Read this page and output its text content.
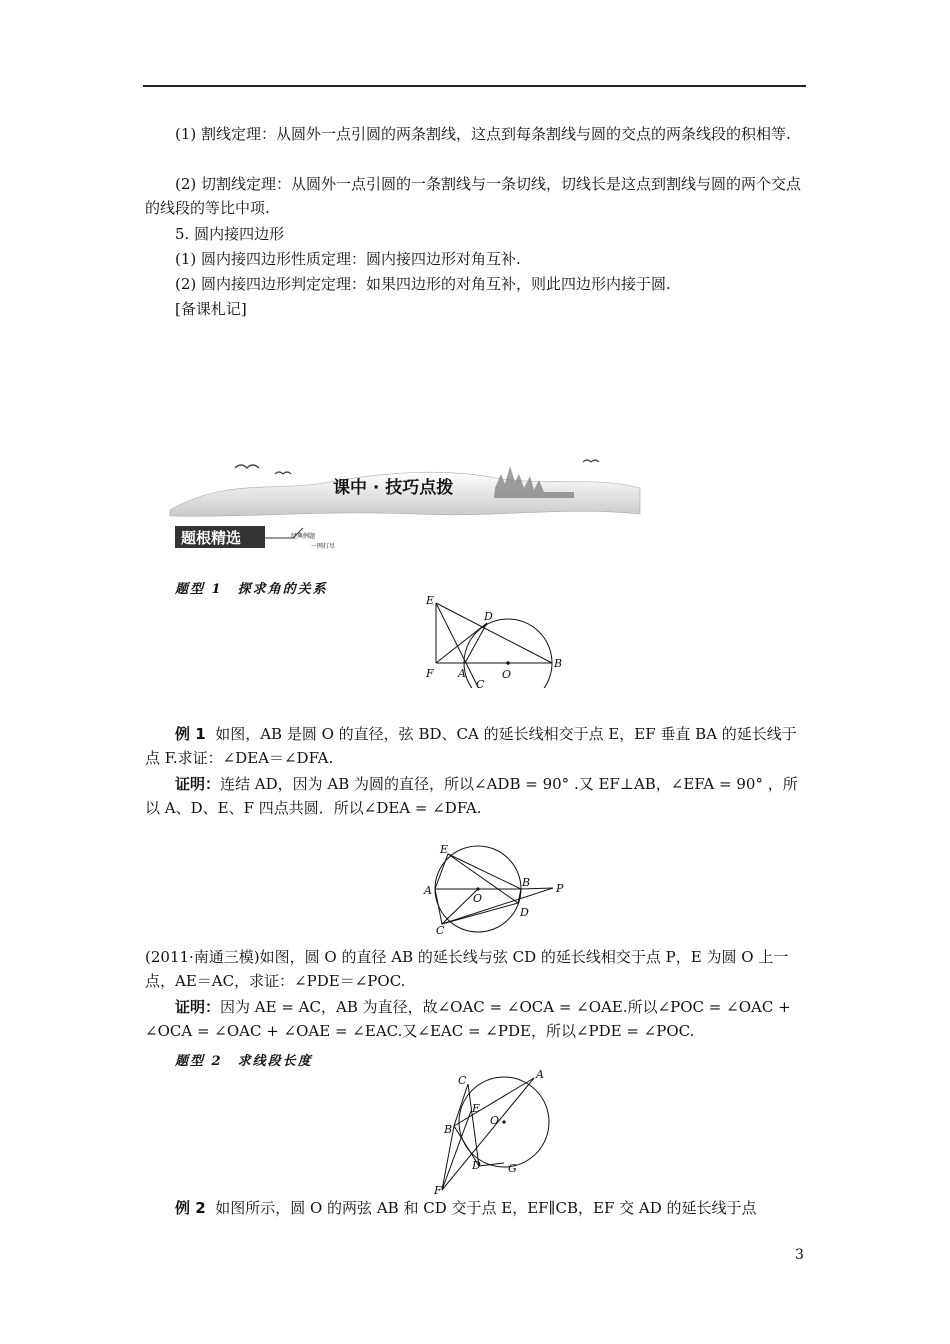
(1) 割线定理：从圆外一点引圆的两条割线，这点到每条割线与圆的交点的两条线段的积相等.

(2) 切割线定理：从圆外一点引圆的一条割线与一条切线，切线长是这点到割线与圆的两个交点的线段的等比中项.

5. 圆内接四边形

(1) 圆内接四边形性质定理：圆内接四边形对角互补.

(2) 圆内接四边形判定定理：如果四边形的对角互补，则此四边形内接于圆.

[备课札记]

课中 · 技巧点拨
题根精选	经典例题
一网打尽
题型 1　探求角的关系
E
D
B
F A	O
C

例 1 如图，AB 是圆 O 的直径，弦 BD、CA 的延长线相交于点 E，EF 垂直 BA 的延长线于点 F.求证：∠DEA＝∠DFA.

证明：连结 AD，因为 AB 为圆的直径，所以∠ADB = 90° .又 EF⊥AB，∠EFA = 90° ，所以 A、D、E、F 四点共圆．所以∠DEA = ∠DFA.

E
A
O
B P
D
C

(2011·南通三模)如图，圆 O 的直径 AB 的延长线与弦 CD 的延长线相交于点 P，E 为圆 O 上一点，AE＝AC，求证：∠PDE＝∠POC.

证明：因为 AE = AC，AB 为直径，故∠OAC = ∠OCA = ∠OAE.所以∠POC = ∠OAC + ∠OCA = ∠OAC + ∠OAE = ∠EAC.又∠EAC = ∠PDE，所以∠PDE = ∠POC.

题型 2　求线段长度
C	A
E
O
B
D G
F

例 2 如图所示，圆 O 的两弦 AB 和 CD 交于点 E，EF∥CB，EF 交 AD 的延长线于点

3
